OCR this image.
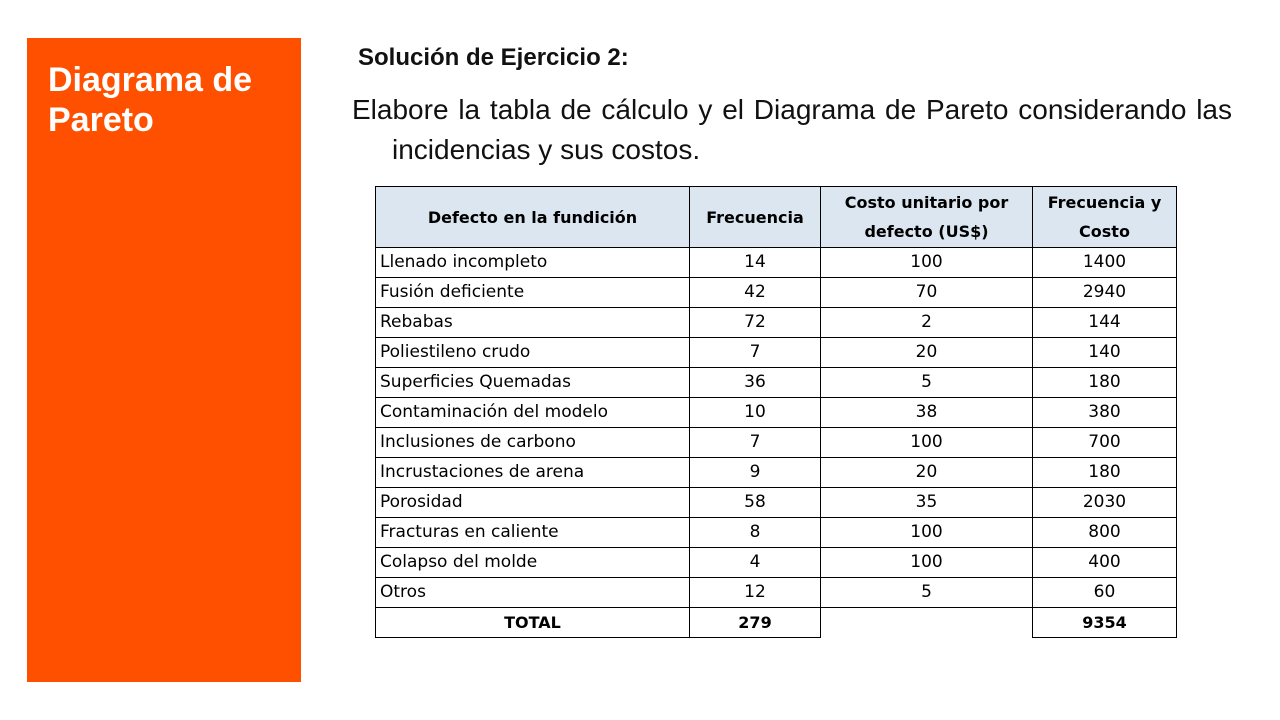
Diagrama de Pareto
Solución de Ejercicio 2:

Elabore la tabla de cálculo y el Diagrama de Pareto considerando las incidencias y sus costos.

Defecto en la fundición	Frecuencia	Costo unitario por defecto (US$)	Frecuencia y Costo
Llenado incompleto	14	100	1400
Fusión deficiente	42	70	2940
Rebabas	72	2	144
Poliestileno crudo	7	20	140
Superficies Quemadas	36	5	180
Contaminación del modelo	10	38	380
Inclusiones de carbono	7	100	700
Incrustaciones de arena	9	20	180
Porosidad	58	35	2030
Fracturas en caliente	8	100	800
Colapso del molde	4	100	400
Otros	12	5	60
TOTAL	279		9354
